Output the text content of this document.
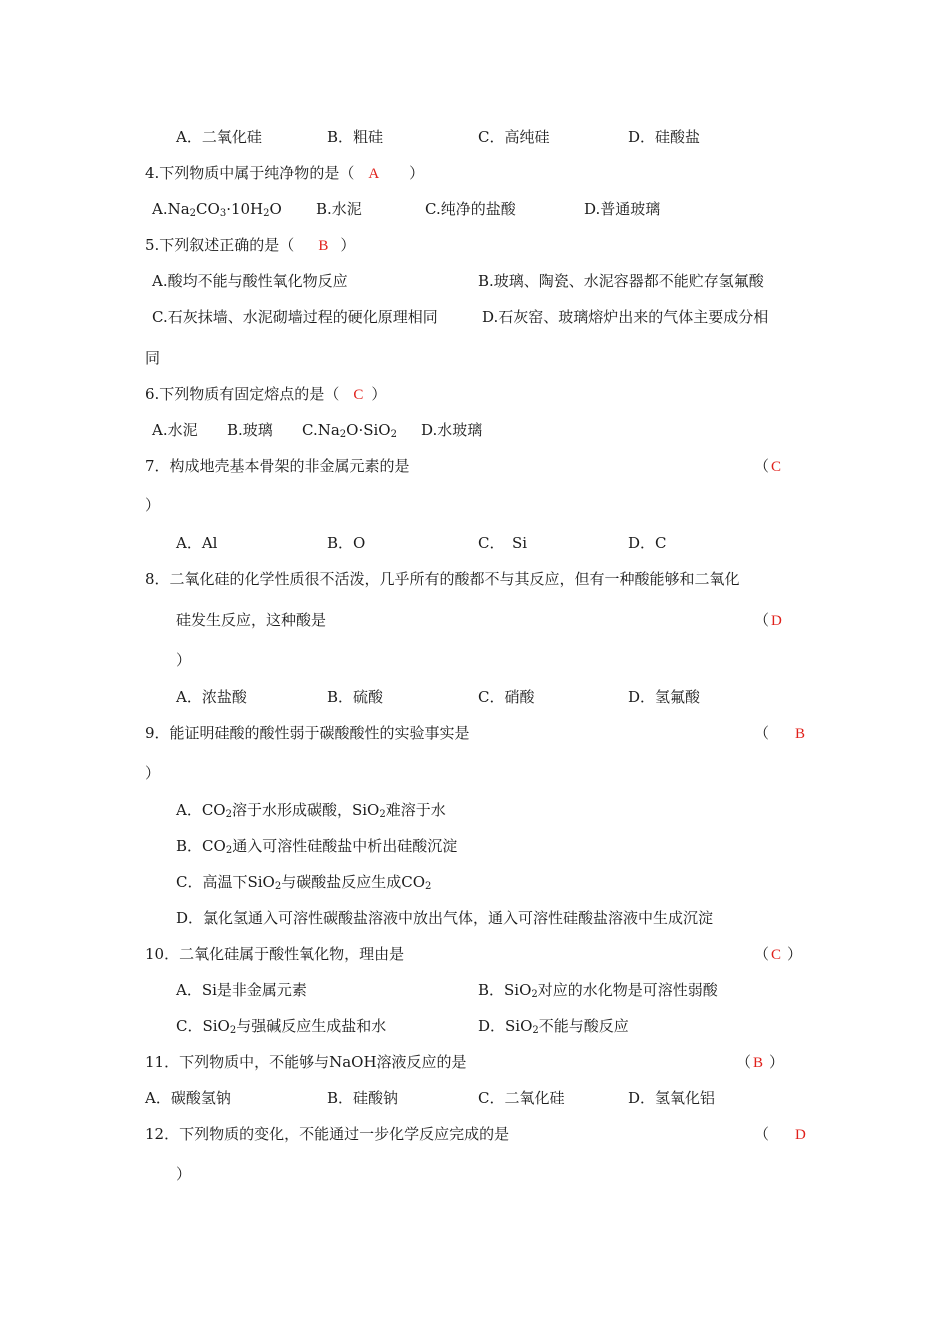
A．二氧化硅	B．粗硅	C．高纯硅	D．硅酸盐
4.下列物质中属于纯净物的是（ A ）
$A.Na_2CO_3\cdot 10H_2O$ B.水泥	C.纯净的盐酸	D.普通玻璃
5.下列叙述正确的是（ B ）
A.酸均不能与酸性氧化物反应	B.玻璃、陶瓷、水泥容器都不能贮存氢氟酸
C.石灰抹墙、水泥砌墙过程的硬化原理相同	D.石灰窑、玻璃熔炉出来的气体主要成分相
同
6.下列物质有固定熔点的是（ C ）
A.水泥 B.玻璃 $C.Na_2O\cdot SiO_2$ D.水玻璃
7．构成地壳基本骨架的非金属元素的是	（ C
）
A．Al	B．O	C．　Si	D．C
8．二氧化硅的化学性质很不活泼，几乎所有的酸都不与其反应，但有一种酸能够和二氧化
硅发生反应，这种酸是	（ D
）
A．浓盐酸	B．硫酸	C．硝酸	D．氢氟酸
9．能证明硅酸的酸性弱于碳酸酸性的实验事实是	（ B
）
A．$CO_2$溶于水形成碳酸，SiO$_2$难溶于水
B．$CO_2$通入可溶性硅酸盐中析出硅酸沉淀
C．高温下SiO$_2$与碳酸盐反应生成$CO_2$
D．氯化氢通入可溶性碳酸盐溶液中放出气体，通入可溶性硅酸盐溶液中生成沉淀
10．二氧化硅属于酸性氧化物，理由是	（ C ）
A．Si是非金属元素	B．SiO$_2$对应的水化物是可溶性弱酸
C．SiO$_2$与强碱反应生成盐和水	D．SiO$_2$不能与酸反应
11．下列物质中，不能够与NaOH溶液反应的是	（ B ）
A．碳酸氢钠	B．硅酸钠	C．二氧化硅	D．氢氧化铝
12．下列物质的变化，不能通过一步化学反应完成的是	（ D
）
